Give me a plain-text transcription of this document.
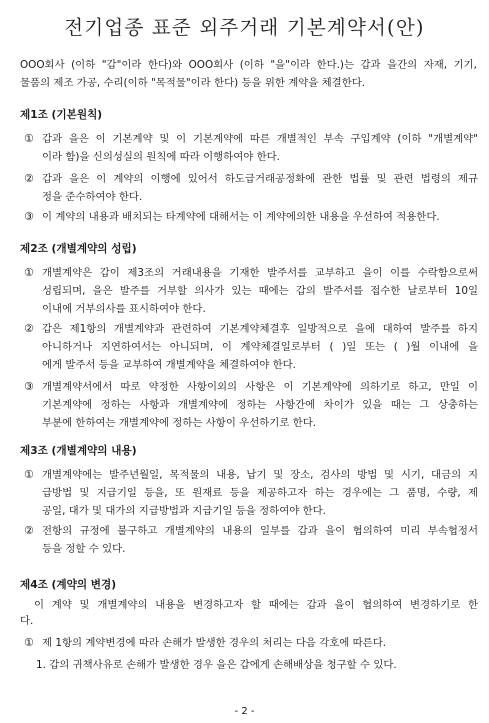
전기업종 표준 외주거래 기본계약서(안)
OOO회사 (이하 "갑"이라 한다)와 OOO회사 (이하 "을"이라 한다.)는 갑과 을간의 자재, 기기,
물품의 제조 가공, 수리(이하 "목적물"이라 한다) 등을 위한 계약을 체결한다.
제1조 (기본원칙)
① 갑과 을은 이 기본계약 및 이 기본계약에 따른 개별적인 부속 구입계약 (이하 "개별계약"
이라 함)을 신의성실의 원칙에 따라 이행하여야 한다.
② 갑과 을은 이 계약의 이행에 있어서 하도급거래공정화에 관한 법률 및 관련 법령의 제규
정을 준수하여야 한다.
③ 이 계약의 내용과 배치되는 타계약에 대해서는 이 계약에의한 내용을 우선하여 적용한다.
제2조 (개별계약의 성립)
① 개별계약은 갑이 제3조의 거래내용을 기재한 발주서를 교부하고 을이 이를 수락함으로써
성립되며, 을은 발주를 거부할 의사가 있는 때에는 갑의 발주서를 접수한 날로부터 10일
이내에 거부의사를 표시하여야 한다.
② 갑은 제1항의 개별계약과 관련하여 기본계약체결후 일방적으로 을에 대하여 발주를 하지
아니하거나 지연하여서는 아니되며, 이 계약체결일로부터 ( )일 또는 ( )월 이내에 을
에게 발주서 등을 교부하여 개별계약을 체결하여야 한다.
③ 개별계약서에서 따로 약정한 사항이외의 사항은 이 기본계약에 의하기로 하고, 만일 이
기본계약에 정하는 사항과 개별계약에 정하는 사항간에 차이가 있을 때는 그 상충하는
부분에 한하여는 개별계약에 정하는 사항이 우선하기로 한다.
제3조 (개별계약의 내용)
① 개별계약에는 발주년월일, 목적물의 내용, 납기 및 장소, 검사의 방법 및 시기, 대금의 지
급방법 및 지급기일 등을, 또 원재료 등을 제공하고자 하는 경우에는 그 품명, 수량, 제
공일, 대가 및 대가의 지급방법과 지급기일 등을 정하여야 한다.
② 전항의 규정에 불구하고 개별계약의 내용의 일부를 갑과 을이 협의하여 미리 부속협정서
등을 정할 수 있다.
제4조 (계약의 변경)
이 계약 및 개별계약의 내용을 변경하고자 할 때에는 갑과 을이 협의하여 변경하기로 한
다.
① 제 1항의 계약변경에 따라 손해가 발생한 경우의 처리는 다음 각호에 따른다.
1. 갑의 귀책사유로 손해가 발생한 경우 을은 갑에게 손해배상을 청구할 수 있다.
- 2 -
